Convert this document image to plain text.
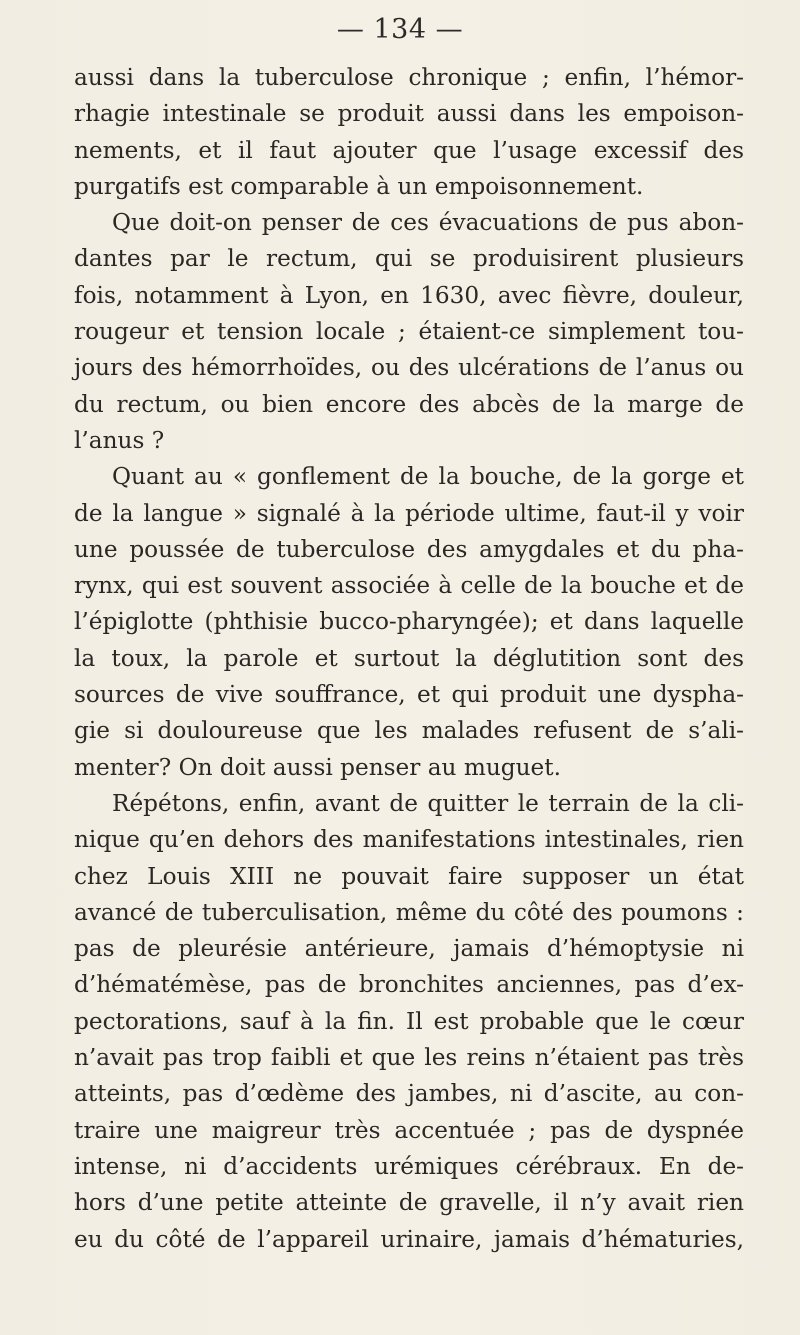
— 134 —
aussi dans la tuberculose chronique ; enfin, l’hémor-
rhagie intestinale se produit aussi dans les empoison-
nements, et il faut ajouter que l’usage excessif des
purgatifs est comparable à un empoisonnement.
Que doit-on penser de ces évacuations de pus abon-
dantes par le rectum, qui se produisirent plusieurs
fois, notamment à Lyon, en 1630, avec fièvre, douleur,
rougeur et tension locale ; étaient-ce simplement tou-
jours des hémorrhoïdes, ou des ulcérations de l’anus ou
du rectum, ou bien encore des abcès de la marge de
l’anus ?
Quant au « gonflement de la bouche, de la gorge et
de la langue » signalé à la période ultime, faut-il y voir
une poussée de tuberculose des amygdales et du pha-
rynx, qui est souvent associée à celle de la bouche et de
l’épiglotte (phthisie bucco-pharyngée); et dans laquelle
la toux, la parole et surtout la déglutition sont des
sources de vive souffrance, et qui produit une dyspha-
gie si douloureuse que les malades refusent de s’ali-
menter? On doit aussi penser au muguet.
Répétons, enfin, avant de quitter le terrain de la cli-
nique qu’en dehors des manifestations intestinales, rien
chez Louis XIII ne pouvait faire supposer un état
avancé de tuberculisation, même du côté des poumons :
pas de pleurésie antérieure, jamais d’hémoptysie ni
d’hématémèse, pas de bronchites anciennes, pas d’ex-
pectorations, sauf à la fin. Il est probable que le cœur
n’avait pas trop faibli et que les reins n’étaient pas très
atteints, pas d’œdème des jambes, ni d’ascite, au con-
traire une maigreur très accentuée ; pas de dyspnée
intense, ni d’accidents urémiques cérébraux. En de-
hors d’une petite atteinte de gravelle, il n’y avait rien
eu du côté de l’appareil urinaire, jamais d’hématuries,
